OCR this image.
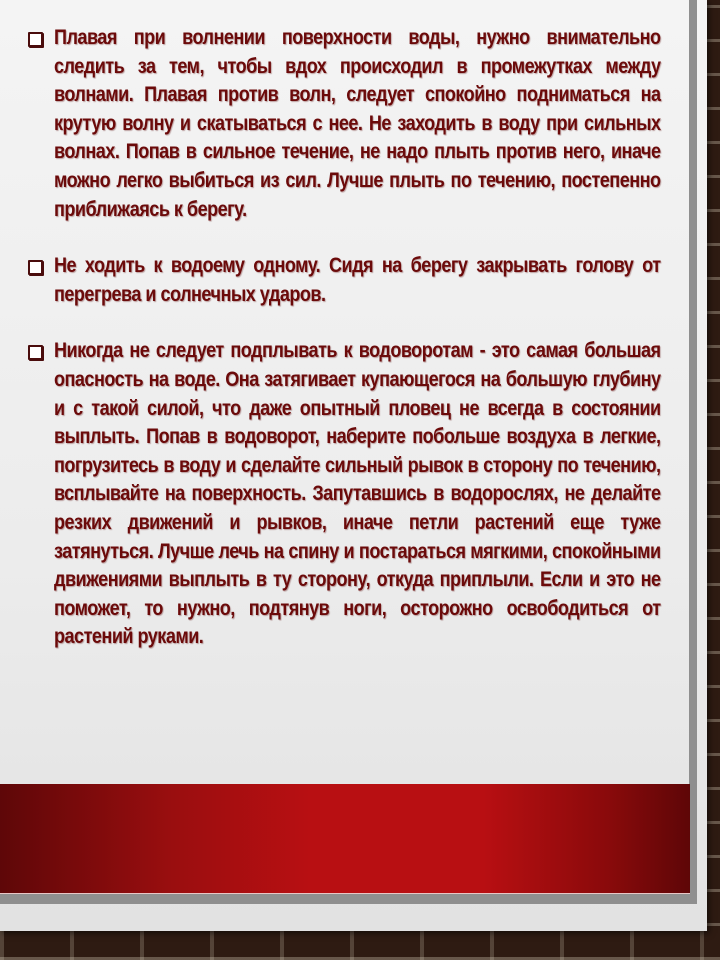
Плавая при волнении поверхности воды, нужно внимательно следить за тем, чтобы вдох происходил в промежутках между волнами. Плавая против волн, следует спокойно подниматься на крутую волну и скатываться с нее. Не заходить в воду при сильных волнах. Попав в сильное течение, не надо плыть против него, иначе можно легко выбиться из сил. Лучше плыть по течению, постепенно приближаясь к берегу.

Не ходить к водоему одному. Сидя на берегу закрывать голову от перегрева и солнечных ударов.

Никогда не следует подплывать к водоворотам - это самая большая опасность на воде. Она затягивает купающегося на большую глубину и с такой силой, что даже опытный пловец не всегда в состоянии выплыть. Попав в водоворот, наберите побольше воздуха в легкие, погрузитесь в воду и сделайте сильный рывок в сторону по течению, всплывайте на поверхность. Запутавшись в водорослях, не делайте резких движений и рывков, иначе петли растений еще туже затянуться. Лучше лечь на спину и постараться мягкими, спокойными движениями выплыть в ту сторону, откуда приплыли. Если и это не поможет, то нужно, подтянув ноги, осторожно освободиться от растений руками.
